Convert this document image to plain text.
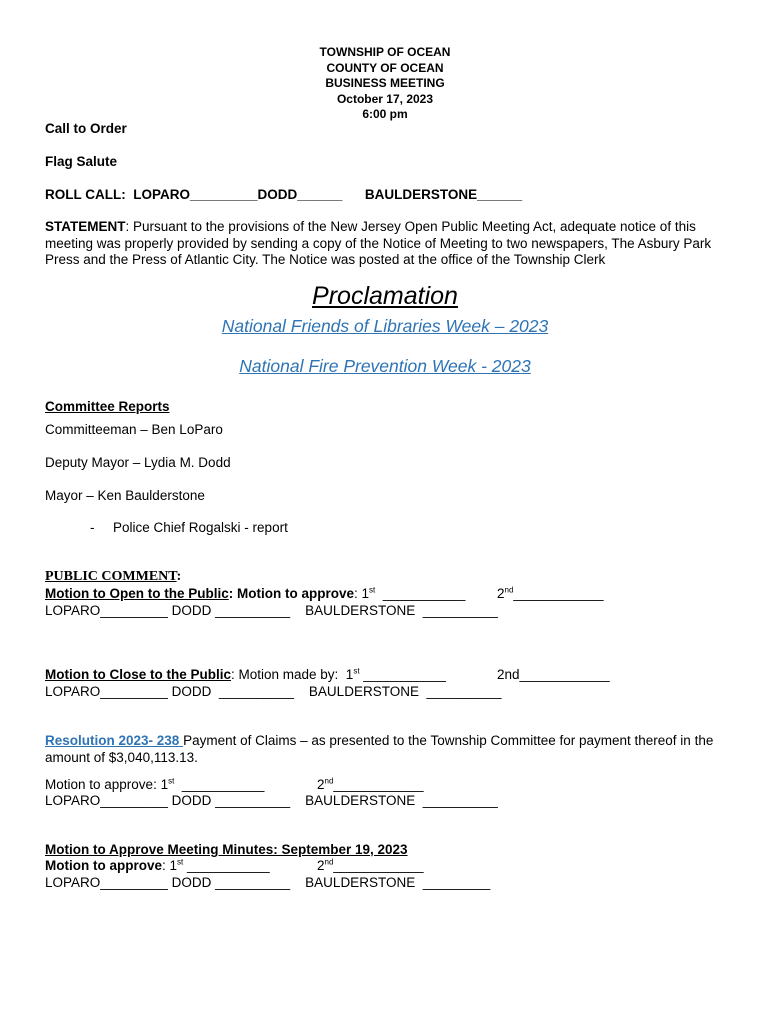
TOWNSHIP OF OCEAN
COUNTY OF OCEAN
BUSINESS MEETING
October 17, 2023
6:00 pm
Call to Order
Flag Salute
ROLL CALL:  LOPARO_________DODD______      BAULDERSTONE______
STATEMENT: Pursuant to the provisions of the New Jersey Open Public Meeting Act, adequate notice of this meeting was properly provided by sending a copy of the Notice of Meeting to two newspapers, The Asbury Park Press and the Press of Atlantic City. The Notice was posted at the office of the Township Clerk
Proclamation
National Friends of Libraries Week – 2023
National Fire Prevention Week - 2023
Committee Reports
Committeeman – Ben LoParo
Deputy Mayor – Lydia M. Dodd
Mayor – Ken Baulderstone
- Police Chief Rogalski - report
PUBLIC COMMENT:
Motion to Open to the Public: Motion to approve: 1st  ___________ 2nd____________
LOPARO_________ DODD __________    BAULDERSTONE  __________
Motion to Close to the Public: Motion made by:  1st ___________	2nd____________
LOPARO_________ DODD  __________    BAULDERSTONE  __________
Resolution 2023- 238 Payment of Claims – as presented to the Township Committee for payment thereof in the amount of $3,040,113.13.
Motion to approve: 1st  ___________	2nd____________
LOPARO_________ DODD __________    BAULDERSTONE  __________
Motion to Approve Meeting Minutes: September 19, 2023
Motion to approve: 1st ___________	2nd____________
LOPARO_________ DODD __________    BAULDERSTONE  _________
